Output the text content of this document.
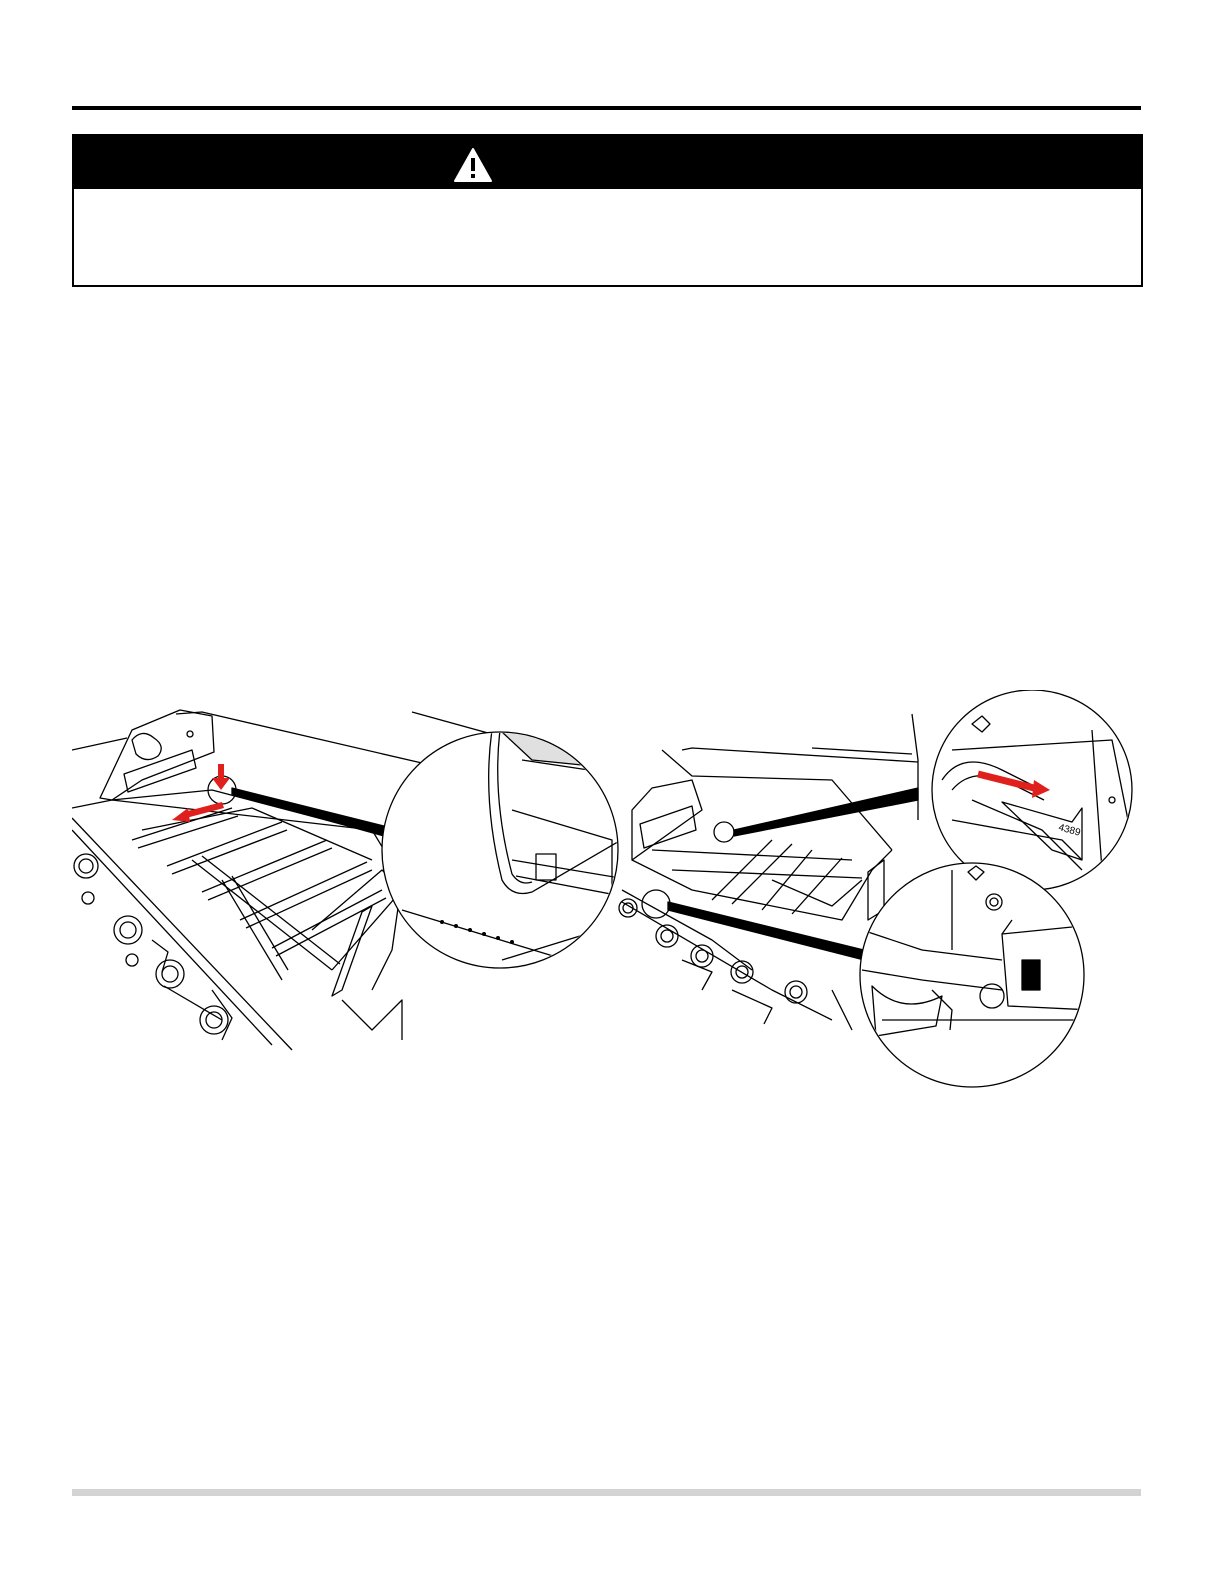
4389
